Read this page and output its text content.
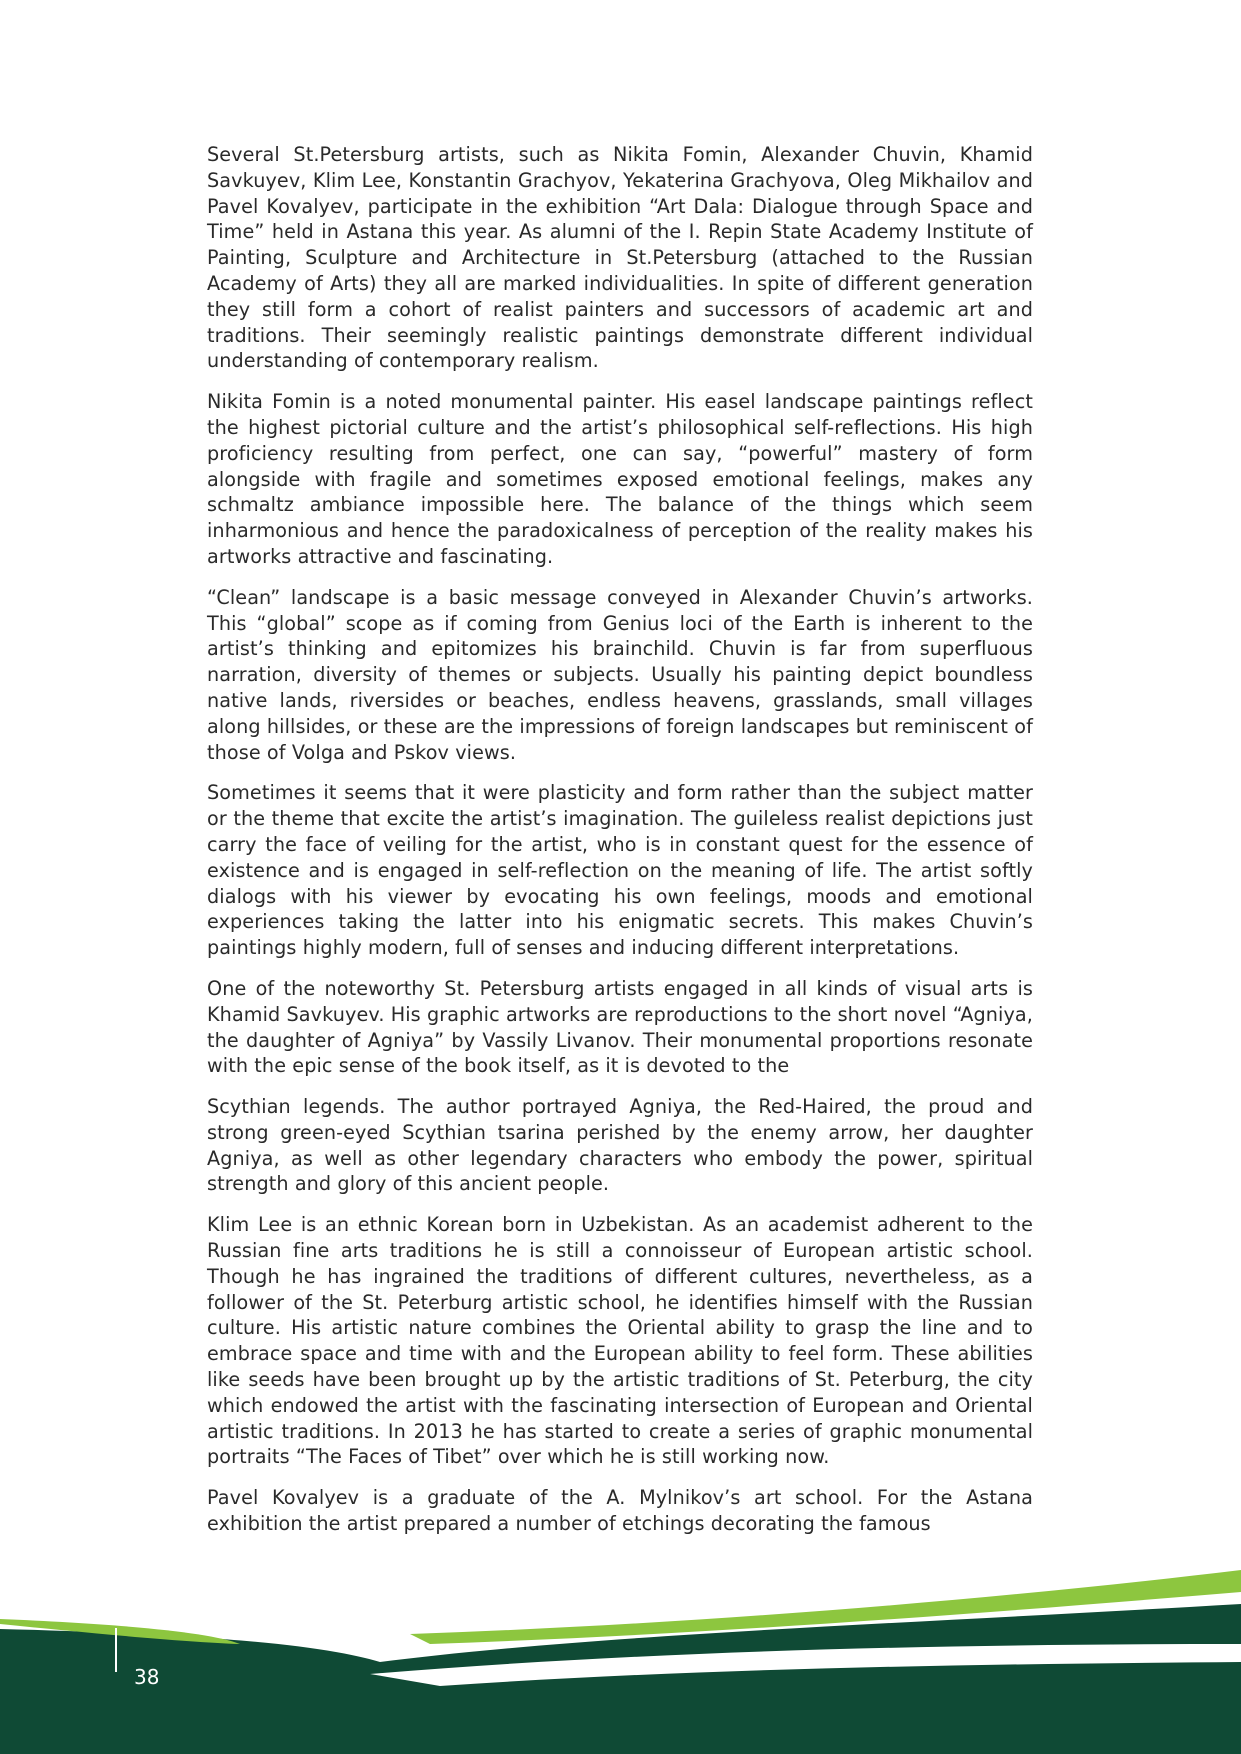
Several St.Petersburg artists, such as Nikita Fomin, Alexander Chuvin, Khamid Savkuyev, Klim Lee, Konstantin Grachyov, Yekaterina Grachyova, Oleg Mikhailov and Pavel Kovalyev, participate in the exhibition “Art Dala: Dialogue through Space and Time” held in Astana this year. As alumni of the I. Repin State Academy Institute of Painting, Sculpture and Architecture in St.Petersburg (attached to the Russian Academy of Arts) they all are marked individualities. In spite of different generation they still form a cohort of realist painters and successors of academic art and traditions. Their seemingly realistic paintings demonstrate different individual understanding of contemporary realism.

Nikita Fomin is a noted monumental painter. His easel landscape paintings reflect the highest pictorial culture and the artist’s philosophical self-reflections. His high proficiency resulting from perfect, one can say, “powerful” mastery of form alongside with fragile and sometimes exposed emotional feelings, makes any schmaltz ambiance impossible here. The balance of the things which seem inharmonious and hence the paradoxicalness of perception of the reality makes his artworks attractive and fascinating.

“Clean” landscape is a basic message conveyed in Alexander Chuvin’s artworks. This “global” scope as if coming from Genius loci of the Earth is inherent to the artist’s thinking and epitomizes his brainchild. Chuvin is far from superfluous narration, diversity of themes or subjects. Usually his painting depict boundless native lands, riversides or beaches, endless heavens, grasslands, small villages along hillsides, or these are the impressions of foreign landscapes but reminiscent of those of Volga and Pskov views.

Sometimes it seems that it were plasticity and form rather than the subject matter or the theme that excite the artist’s imagination. The guileless realist depictions just carry the face of veiling for the artist, who is in constant quest for the essence of existence and is engaged in self-reflection on the meaning of life. The artist softly dialogs with his viewer by evocating his own feelings, moods and emotional experiences taking the latter into his enigmatic secrets. This makes Chuvin’s paintings highly modern, full of senses and inducing different interpretations.

One of the noteworthy St. Petersburg artists engaged in all kinds of visual arts is Khamid Savkuyev. His graphic artworks are reproductions to the short novel “Agniya, the daughter of Agniya” by Vassily Livanov. Their monumental proportions resonate with the epic sense of the book itself, as it is devoted to the

Scythian legends. The author portrayed Agniya, the Red-Haired, the proud and strong green-eyed Scythian tsarina perished by the enemy arrow, her daughter Agniya, as well as other legendary characters who embody the power, spiritual strength and glory of this ancient people.

Klim Lee is an ethnic Korean born in Uzbekistan. As an academist adherent to the Russian fine arts traditions he is still a connoisseur of European artistic school. Though he has ingrained the traditions of different cultures, nevertheless, as a follower of the St. Peterburg artistic school, he identifies himself with the Russian culture. His artistic nature combines the Oriental ability to grasp the line and to embrace space and time with and the European ability to feel form. These abilities like seeds have been brought up by the artistic traditions of St. Peterburg, the city which endowed the artist with the fascinating intersection of European and Oriental artistic traditions. In 2013 he has started to create a series of graphic monumental portraits “The Faces of Tibet” over which he is still working now.

Pavel Kovalyev is a graduate of the A. Mylnikov’s art school. For the Astana exhibition the artist prepared a number of etchings decorating the famous

38
